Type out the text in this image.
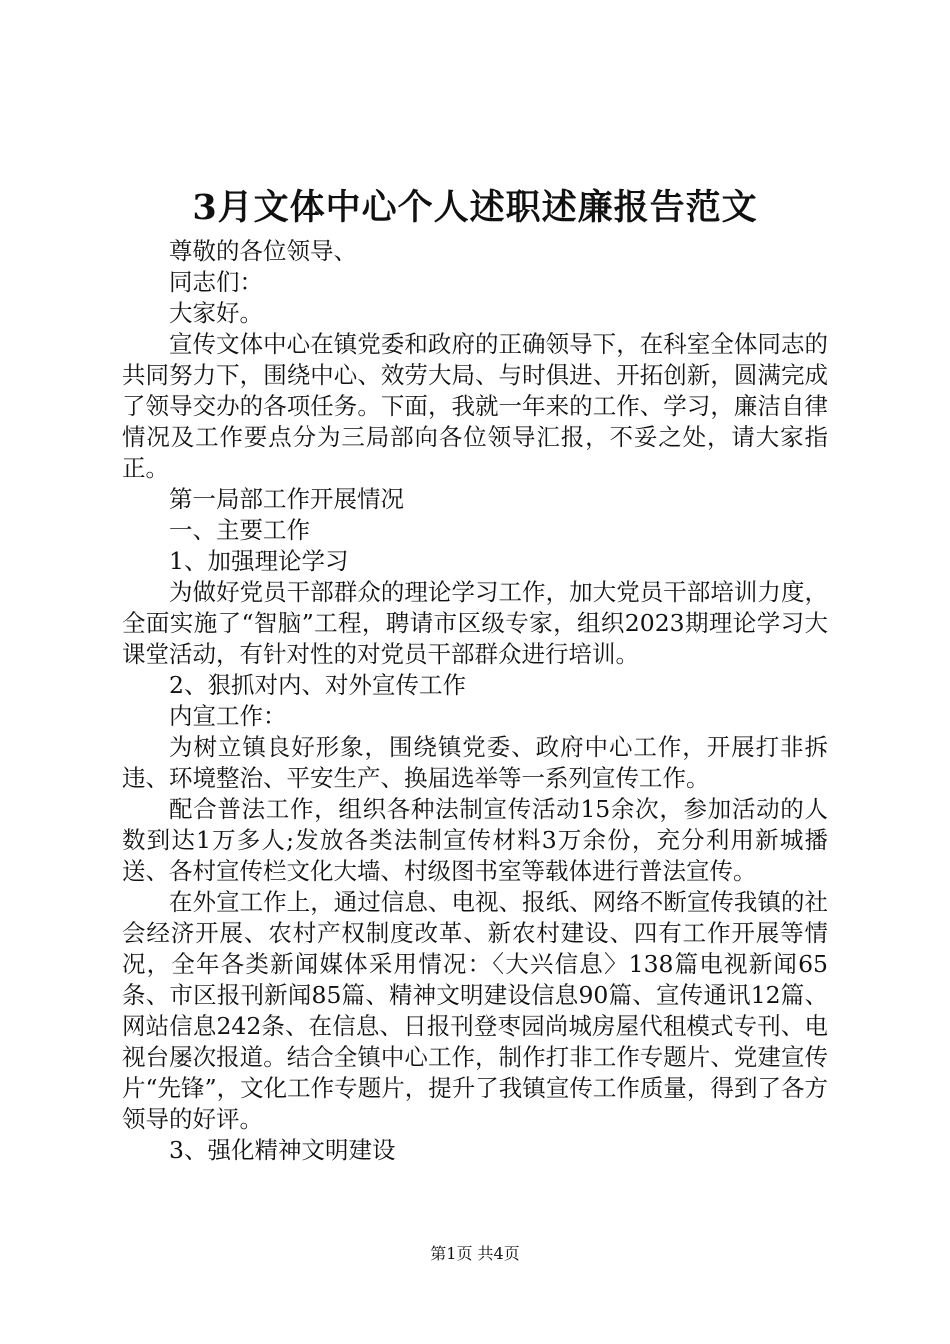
3月文体中心个人述职述廉报告范文

尊敬的各位领导、

同志们：

大家好。

宣传文体中心在镇党委和政府的正确领导下，在科室全体同志的共同努力下，围绕中心、效劳大局、与时俱进、开拓创新，圆满完成了领导交办的各项任务。下面，我就一年来的工作、学习，廉洁自律情况及工作要点分为三局部向各位领导汇报，不妥之处，请大家指正。

第一局部工作开展情况

一、主要工作

1、加强理论学习

为做好党员干部群众的理论学习工作，加大党员干部培训力度，全面实施了“智脑”工程，聘请市区级专家，组织2023期理论学习大课堂活动，有针对性的对党员干部群众进行培训。

2、狠抓对内、对外宣传工作

内宣工作：

为树立镇良好形象，围绕镇党委、政府中心工作，开展打非拆违、环境整治、平安生产、换届选举等一系列宣传工作。

配合普法工作，组织各种法制宣传活动15余次，参加活动的人数到达1万多人;发放各类法制宣传材料3万余份，充分利用新城播送、各村宣传栏文化大墙、村级图书室等载体进行普法宣传。

在外宣工作上，通过信息、电视、报纸、网络不断宣传我镇的社会经济开展、农村产权制度改革、新农村建设、四有工作开展等情况，全年各类新闻媒体采用情况：〈大兴信息〉138篇电视新闻65条、市区报刊新闻85篇、精神文明建设信息90篇、宣传通讯12篇、网站信息242条、在信息、日报刊登枣园尚城房屋代租模式专刊、电视台屡次报道。结合全镇中心工作，制作打非工作专题片、党建宣传片“先锋”，文化工作专题片，提升了我镇宣传工作质量，得到了各方领导的好评。

3、强化精神文明建设

第1页 共4页
